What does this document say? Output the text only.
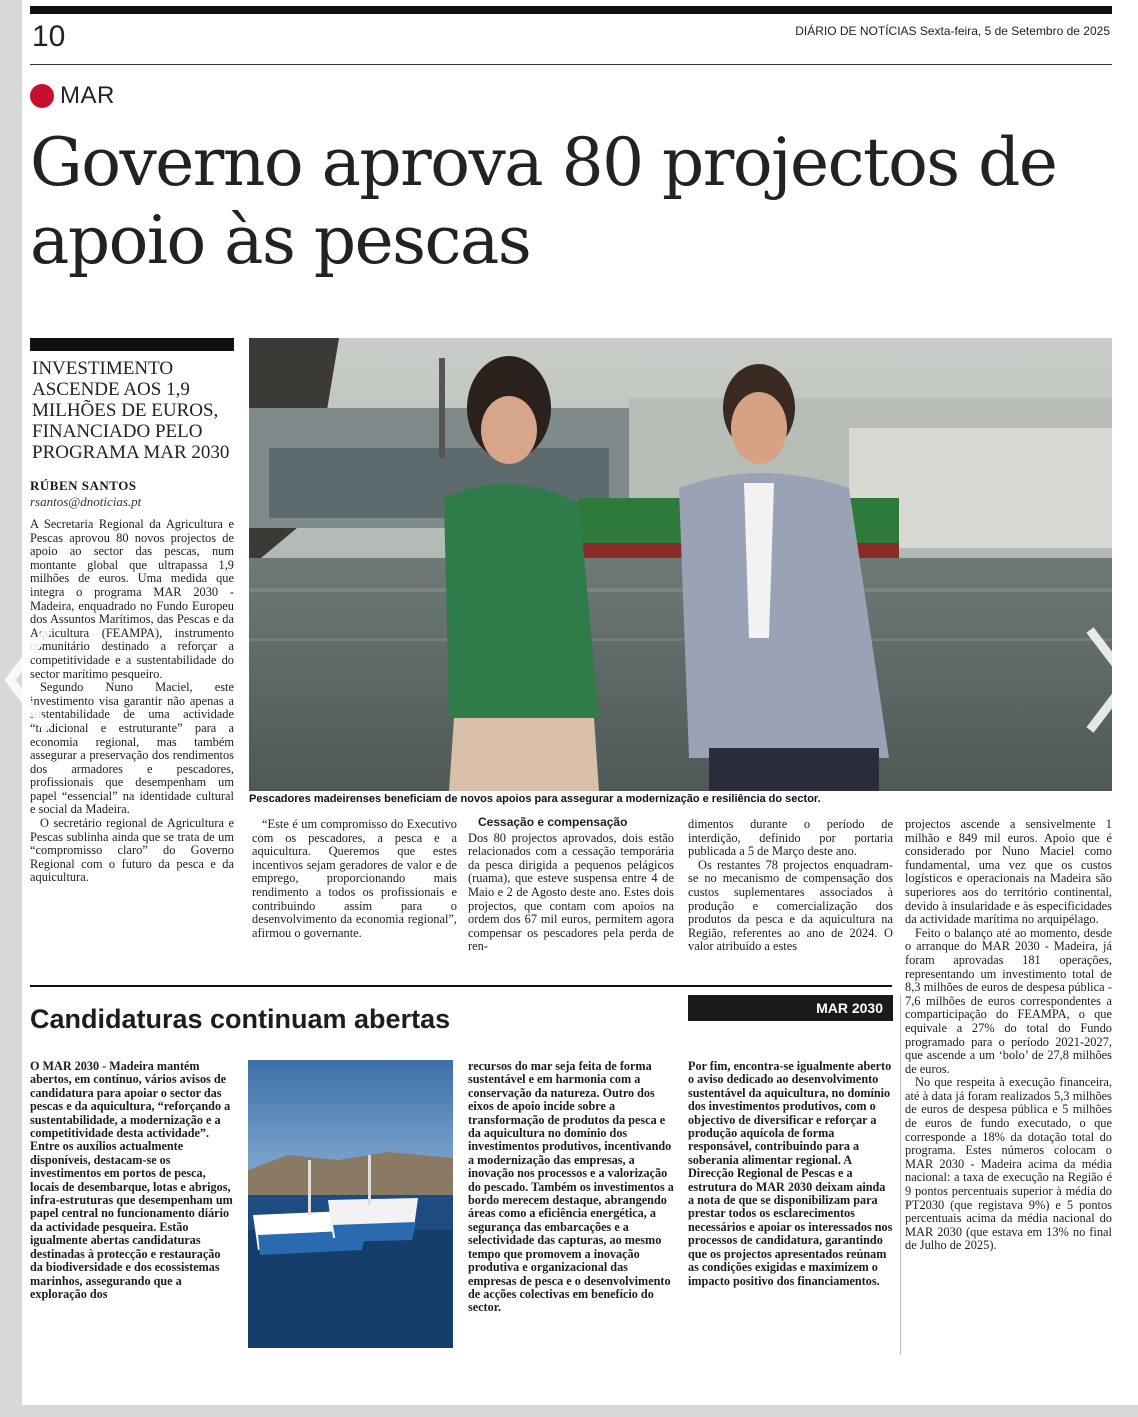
10	DIÁRIO DE NOTÍCIAS Sexta-feira, 5 de Setembro de 2025
MAR
Governo aprova 80 projectos de apoio às pescas
INVESTIMENTO ASCENDE AOS 1,9 MILHÕES DE EUROS, FINANCIADO PELO PROGRAMA MAR 2030
RÚBEN SANTOS
rsantos@dnoticias.pt

A Secretaria Regional da Agricultura e Pescas aprovou 80 novos projectos de apoio ao sector das pescas, num montante global que ultrapassa 1,9 milhões de euros. Uma medida que integra o programa MAR 2030 - Madeira, enquadrado no Fundo Europeu dos Assuntos Marítimos, das Pescas e da Aquicultura (FEAMPA), instrumento comunitário destinado a reforçar a competitividade e a sustentabilidade do sector marítimo pesqueiro.

Segundo Nuno Maciel, este investimento visa garantir não apenas a sustentabilidade de uma actividade “tradicional e estruturante” para a economia regional, mas também assegurar a preservação dos rendimentos dos armadores e pescadores, profissionais que desempenham um papel “essencial” na identidade cultural e social da Madeira.

O secretário regional de Agricultura e Pescas sublinha ainda que se trata de um “compromisso claro” do Governo Regional com o futuro da pesca e da aquicultura.

Pescadores madeirenses beneficiam de novos apoios para assegurar a modernização e resiliência do sector.

“Este é um compromisso do Executivo com os pescadores, a pesca e a aquicultura. Queremos que estes incentivos sejam geradores de valor e de emprego, proporcionando mais rendimento a todos os profissionais e contribuindo assim para o desenvolvimento da economia regional”, afirmou o governante.

Cessação e compensação

Dos 80 projectos aprovados, dois estão relacionados com a cessação temporária da pesca dirigida a pequenos pelágicos (ruama), que esteve suspensa entre 4 de Maio e 2 de Agosto deste ano. Estes dois projectos, que contam com apoios na ordem dos 67 mil euros, permitem agora compensar os pescadores pela perda de ren-

dimentos durante o período de interdição, definido por portaria publicada a 5 de Março deste ano.

Os restantes 78 projectos enquadram-se no mecanismo de compensação dos custos suplementares associados à produção e comercialização dos produtos da pesca e da aquicultura na Região, referentes ao ano de 2024. O valor atribuído a estes

projectos ascende a sensivelmente 1 milhão e 849 mil euros. Apoio que é considerado por Nuno Maciel como fundamental, uma vez que os custos logísticos e operacionais na Madeira são superiores aos do território continental, devido à insularidade e às especificidades da actividade marítima no arquipélago.

Feito o balanço até ao momento, desde o arranque do MAR 2030 - Madeira, já foram aprovadas 181 operações, representando um investimento total de 8,3 milhões de euros de despesa pública - 7,6 milhões de euros correspondentes a comparticipação do FEAMPA, o que equivale a 27% do total do Fundo programado para o período 2021-2027, que ascende a um ‘bolo’ de 27,8 milhões de euros.

No que respeita à execução financeira, até à data já foram realizados 5,3 milhões de euros de despesa pública e 5 milhões de euros de fundo executado, o que corresponde a 18% da dotação total do programa. Estes números colocam o MAR 2030 - Madeira acima da média nacional: a taxa de execução na Região é 9 pontos percentuais superior à média do PT2030 (que registava 9%) e 5 pontos percentuais acima da média nacional do MAR 2030 (que estava em 13% no final de Julho de 2025).

Candidaturas continuam abertas	MAR 2030

O MAR 2030 - Madeira mantém abertos, em contínuo, vários avisos de candidatura para apoiar o sector das pescas e da aquicultura, “reforçando a sustentabilidade, a modernização e a competitividade desta actividade”. Entre os auxílios actualmente disponíveis, destacam-se os investimentos em portos de pesca, locais de desembarque, lotas e abrigos, infra-estruturas que desempenham um papel central no funcionamento diário da actividade pesqueira. Estão igualmente abertas candidaturas destinadas à protecção e restauração da biodiversidade e dos ecossistemas marinhos, assegurando que a exploração dos

recursos do mar seja feita de forma sustentável e em harmonia com a conservação da natureza. Outro dos eixos de apoio incide sobre a transformação de produtos da pesca e da aquicultura no domínio dos investimentos produtivos, incentivando a modernização das empresas, a inovação nos processos e a valorização do pescado. Também os investimentos a bordo merecem destaque, abrangendo áreas como a eficiência energética, a segurança das embarcações e a selectividade das capturas, ao mesmo tempo que promovem a inovação produtiva e organizacional das empresas de pesca e o desenvolvimento de acções colectivas em benefício do sector.

Por fim, encontra-se igualmente aberto o aviso dedicado ao desenvolvimento sustentável da aquicultura, no domínio dos investimentos produtivos, com o objectivo de diversificar e reforçar a produção aquícola de forma responsável, contribuindo para a soberania alimentar regional. A Direcção Regional de Pescas e a estrutura do MAR 2030 deixam ainda a nota de que se disponibilizam para prestar todos os esclarecimentos necessários e apoiar os interessados nos processos de candidatura, garantindo que os projectos apresentados reúnam as condições exigidas e maximizem o impacto positivo dos financiamentos.
